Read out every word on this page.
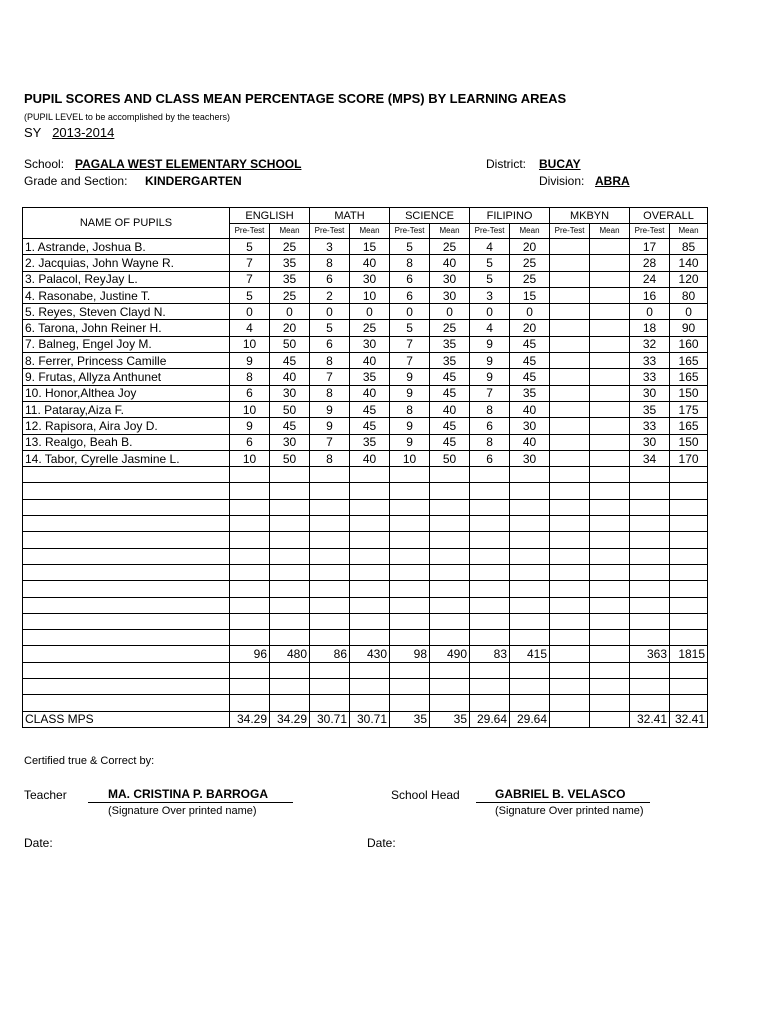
PUPIL SCORES AND CLASS MEAN PERCENTAGE SCORE (MPS) BY LEARNING AREAS
(PUPIL LEVEL to be accomplished by the teachers)
SY 2013-2014
School: PAGALA WEST ELEMENTARY SCHOOL	District: BUCAY
Grade and Section: KINDERGARTEN	Division: ABRA
NAME OF PUPILS	ENGLISH		MATH		SCIENCE		FILIPINO		MKBYN		OVERALL	
	Pre-Test	Mean	Pre-Test	Mean	Pre-Test	Mean	Pre-Test	Mean	Pre-Test	Mean	Pre-Test	Mean
1. Astrande, Joshua B.	5	25	3	15	5	25	4	20			17	85
2. Jacquias, John Wayne R.	7	35	8	40	8	40	5	25			28	140
3. Palacol, ReyJay L.	7	35	6	30	6	30	5	25			24	120
4. Rasonabe, Justine T.	5	25	2	10	6	30	3	15			16	80
5. Reyes, Steven Clayd N.	0	0	0	0	0	0	0	0			0	0
6. Tarona, John Reiner H.	4	20	5	25	5	25	4	20			18	90
7. Balneg, Engel Joy M.	10	50	6	30	7	35	9	45			32	160
8. Ferrer, Princess Camille	9	45	8	40	7	35	9	45			33	165
9. Frutas, Allyza Anthunet	8	40	7	35	9	45	9	45			33	165
10. Honor,Althea Joy	6	30	8	40	9	45	7	35			30	150
11. Pataray,Aiza F.	10	50	9	45	8	40	8	40			35	175
12. Rapisora, Aira Joy D.	9	45	9	45	9	45	6	30			33	165
13. Realgo, Beah B.	6	30	7	35	9	45	8	40			30	150
14. Tabor, Cyrelle Jasmine L.	10	50	8	40	10	50	6	30			34	170

	96	480	86	430	98	490	83	415			363	1815

CLASS MPS	34.29	34.29	30.71	30.71	35	35	29.64	29.64			32.41	32.41
Certified true & Correct by:
Teacher	MA. CRISTINA P. BARROGA
(Signature Over printed name)
School Head	GABRIEL B. VELASCO
(Signature Over printed name)
Date:	Date:
